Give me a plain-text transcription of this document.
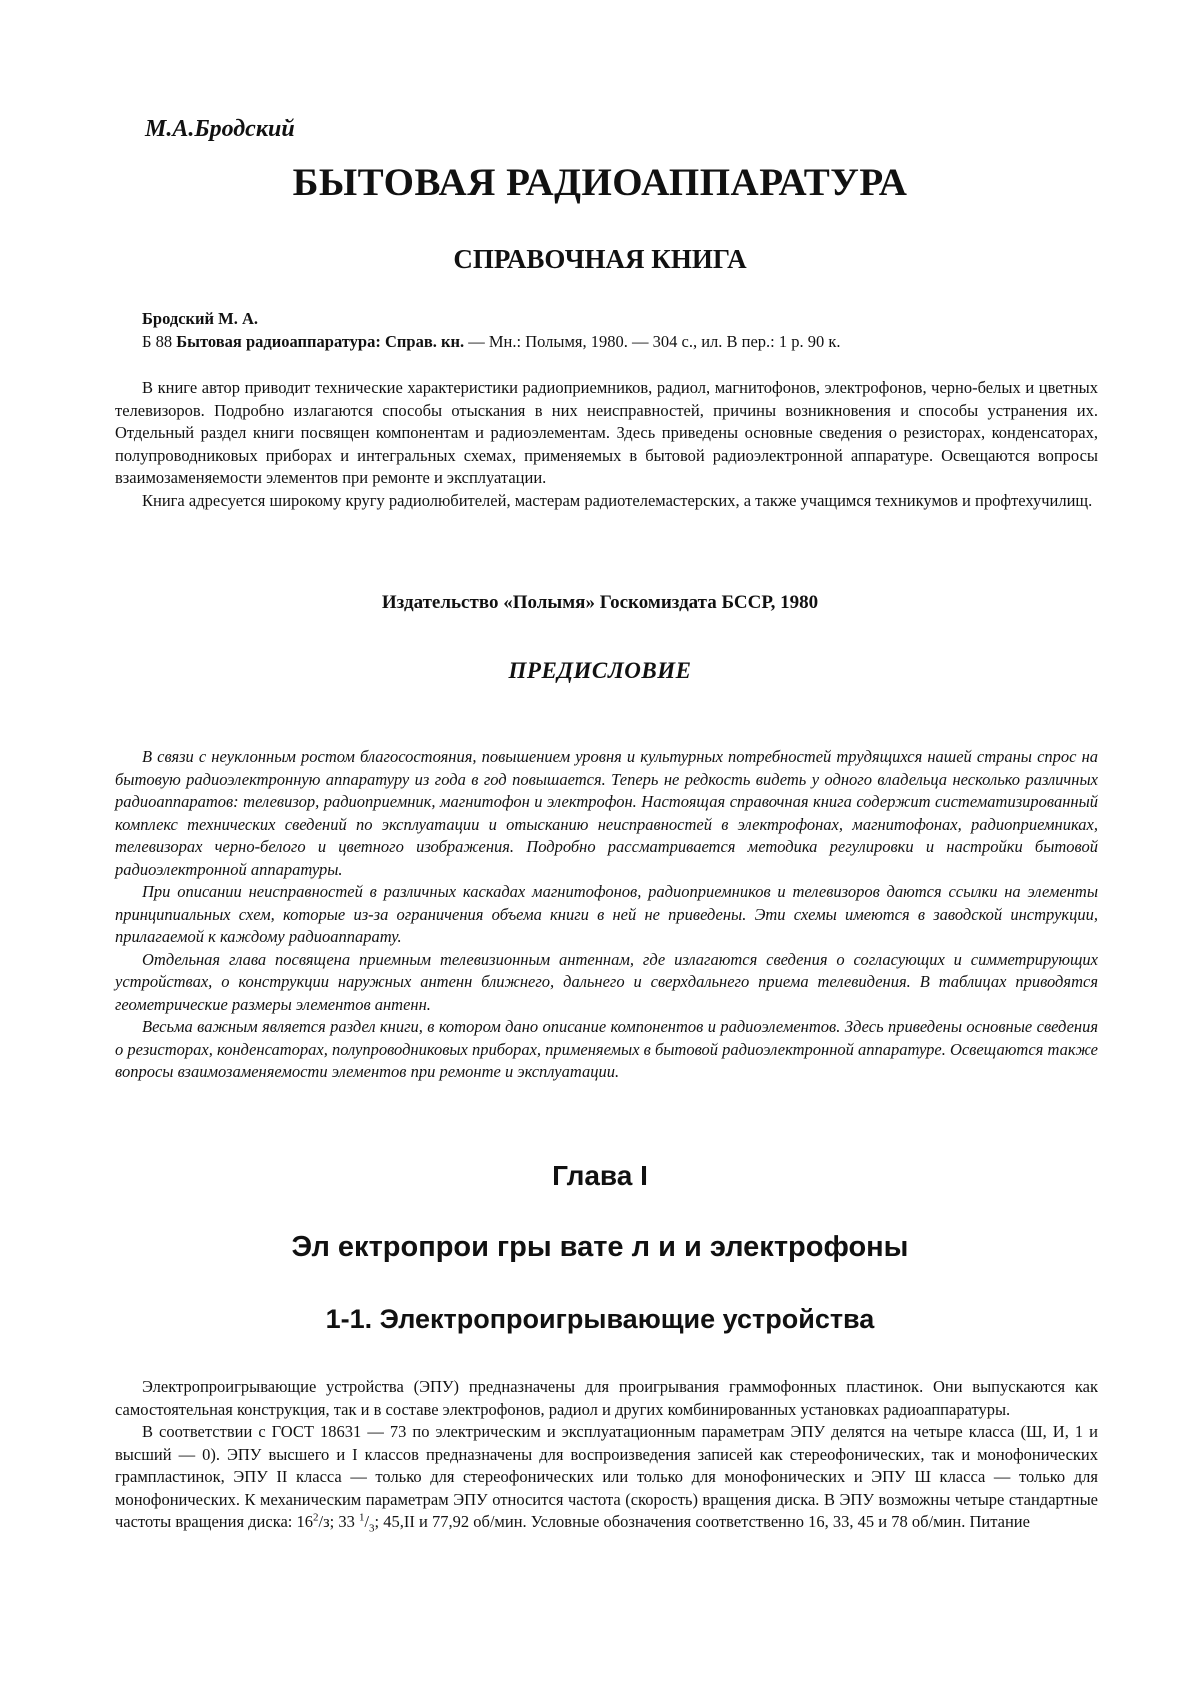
М.А.Бродский

БЫТОВАЯ РАДИОАППАРАТУРА
СПРАВОЧНАЯ КНИГА

Бродский М. А.

Б 88 Бытовая радиоаппаратура: Справ. кн. — Мн.: Полымя, 1980. — 304 с., ил. В пер.: 1 р. 90 к.

В книге автор приводит технические характеристики радиоприемников, радиол, магнитофонов, электрофонов, черно-белых и цветных телевизоров. Подробно излагаются способы отыскания в них неисправностей, причины возникновения и способы устранения их. Отдельный раздел книги посвящен компонентам и радиоэлементам. Здесь приведены основные сведения о резисторах, конденсаторах, полупроводниковых приборах и интегральных схемах, применяемых в бытовой радиоэлектронной аппаратуре. Освещаются вопросы взаимозаменяемости элементов при ремонте и эксплуатации.

Книга адресуется широкому кругу радиолюбителей, мастерам радиотелемастерских, а также учащимся техникумов и профтехучилищ.

Издательство «Полымя» Госкомиздата БССР, 1980

ПРЕДИСЛОВИЕ

В связи с неуклонным ростом благосостояния, повышением уровня и культурных потребностей трудящихся нашей страны спрос на бытовую радиоэлектронную аппаратуру из года в год повышается. Теперь не редкость видеть у одного владельца несколько различных радиоаппаратов: телевизор, радиоприемник, магнитофон и электрофон. Настоящая справочная книга содержит систематизированный комплекс технических сведений по эксплуатации и отысканию неисправностей в электрофонах, магнитофонах, радиоприемниках, телевизорах черно-белого и цветного изображения. Подробно рассматривается методика регулировки и настройки бытовой радиоэлектронной аппаратуры.

При описании неисправностей в различных каскадах магнитофонов, радиоприемников и телевизоров даются ссылки на элементы принципиальных схем, которые из-за ограничения объема книги в ней не приведены. Эти схемы имеются в заводской инструкции, прилагаемой к каждому радиоаппарату.

Отдельная глава посвящена приемным телевизионным антеннам, где излагаются сведения о согласующих и симметрирующих устройствах, о конструкции наружных антенн ближнего, дальнего и сверхдальнего приема телевидения. В таблицах приводятся геометрические размеры элементов антенн.

Весьма важным является раздел книги, в котором дано описание компонентов и радиоэлементов. Здесь приведены основные сведения о резисторах, конденсаторах, полупроводниковых приборах, применяемых в бытовой радиоэлектронной аппаратуре. Освещаются также вопросы взаимозаменяемости элементов при ремонте и эксплуатации.

Глава I
Эл ектропрои гры вате л и и электрофоны
1-1. Электропроигрывающие устройства

Электропроигрывающие устройства (ЭПУ) предназначены для проигрывания граммофонных пластинок. Они выпускаются как самостоятельная конструкция, так и в составе электрофонов, радиол и других комбинированных установках радиоаппаратуры.

В соответствии с ГОСТ 18631 — 73 по электрическим и эксплуатационным параметрам ЭПУ делятся на четыре класса (Ш, И, 1 и высший — 0). ЭПУ высшего и I классов предназначены для воспроизведения записей как стереофонических, так и монофонических грампластинок, ЭПУ II класса — только для стереофонических или только для монофонических и ЭПУ Ш класса — только для монофонических. К механическим параметрам ЭПУ относится частота (скорость) вращения диска. В ЭПУ возможны четыре стандартные частоты вращения диска: $16^2/з$; 33 $^1/_3$; 45,II и 77,92 об/мин. Условные обозначения соответственно 16, 33, 45 и 78 об/мин. Питание
